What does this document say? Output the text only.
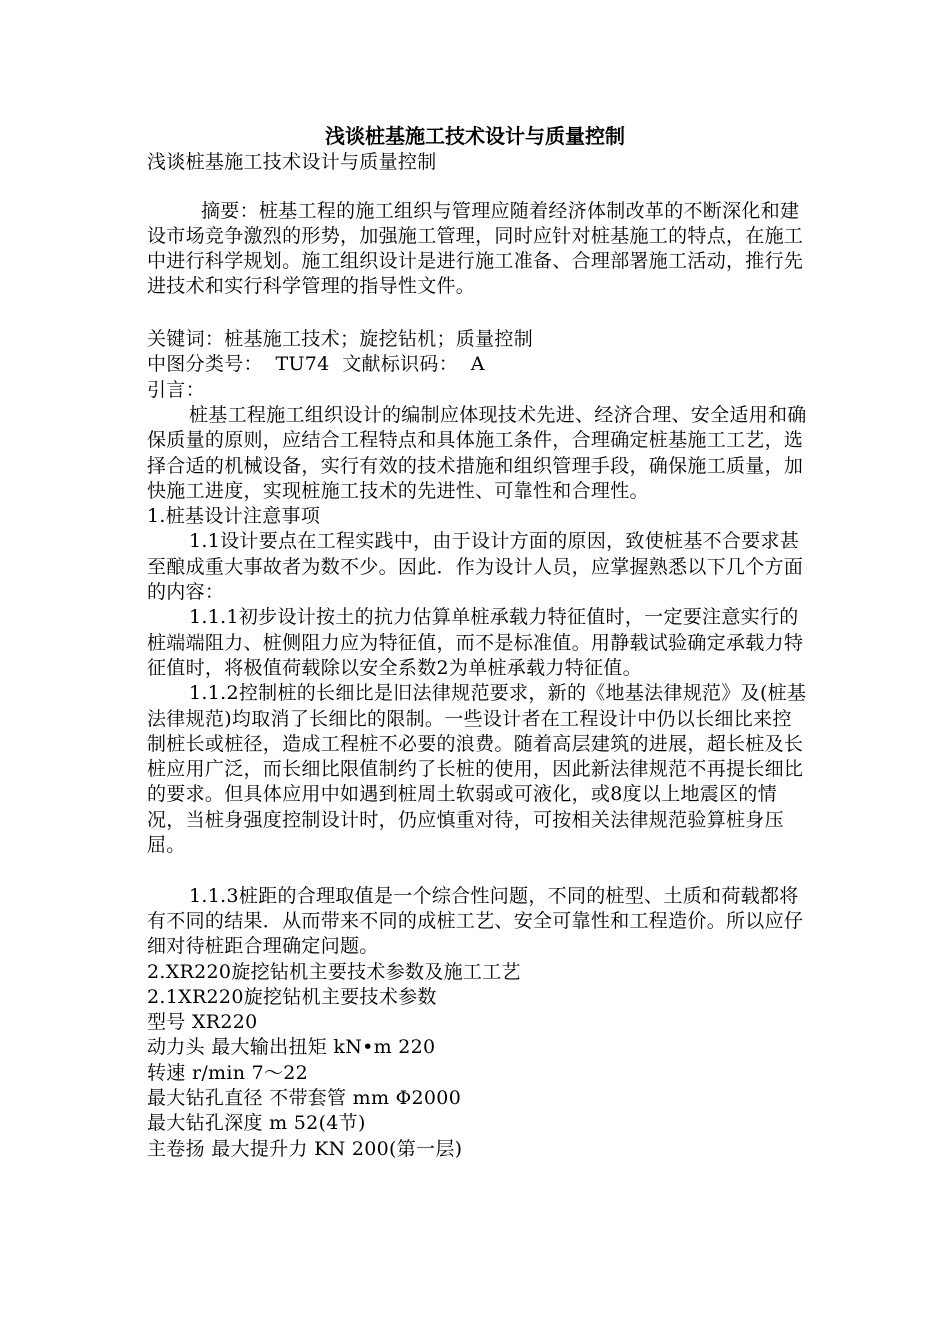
浅谈桩基施工技术设计与质量控制

浅谈桩基施工技术设计与质量控制

摘要：桩基工程的施工组织与管理应随着经济体制改革的不断深化和建设市场竞争激烈的形势，加强施工管理，同时应针对桩基施工的特点，在施工中进行科学规划。施工组织设计是进行施工准备、合理部署施工活动，推行先进技术和实行科学管理的指导性文件。

关键词：桩基施工技术；旋挖钻机；质量控制

中图分类号：  TU74  文献标识码：  A

引言：

桩基工程施工组织设计的编制应体现技术先进、经济合理、安全适用和确保质量的原则，应结合工程特点和具体施工条件，合理确定桩基施工工艺，选择合适的机械设备，实行有效的技术措施和组织管理手段，确保施工质量，加快施工进度，实现桩施工技术的先进性、可靠性和合理性。

1.桩基设计注意事项

1.1设计要点在工程实践中，由于设计方面的原因，致使桩基不合要求甚至酿成重大事故者为数不少。因此．作为设计人员，应掌握熟悉以下几个方面的内容：

1.1.1初步设计按土的抗力估算单桩承载力特征值时，一定要注意实行的桩端端阻力、桩侧阻力应为特征值，而不是标准值。用静载试验确定承载力特征值时，将极值荷载除以安全系数2为单桩承载力特征值。

1.1.2控制桩的长细比是旧法律规范要求，新的《地基法律规范》及(桩基法律规范)均取消了长细比的限制。一些设计者在工程设计中仍以长细比来控制桩长或桩径，造成工程桩不必要的浪费。随着高层建筑的进展，超长桩及长桩应用广泛，而长细比限值制约了长桩的使用，因此新法律规范不再提长细比的要求。但具体应用中如遇到桩周土软弱或可液化，或8度以上地震区的情况，当桩身强度控制设计时，仍应慎重对待，可按相关法律规范验算桩身压屈。

1.1.3桩距的合理取值是一个综合性问题，不同的桩型、土质和荷载都将有不同的结果．从而带来不同的成桩工艺、安全可靠性和工程造价。所以应仔细对待桩距合理确定问题。

2.XR220旋挖钻机主要技术参数及施工工艺

2.1XR220旋挖钻机主要技术参数

型号 XR220

动力头 最大输出扭矩 kN•m 220

转速 r/min 7～22

最大钻孔直径 不带套管 mm Φ2000

最大钻孔深度 m 52(4节)

主卷扬 最大提升力 KN 200(第一层)
